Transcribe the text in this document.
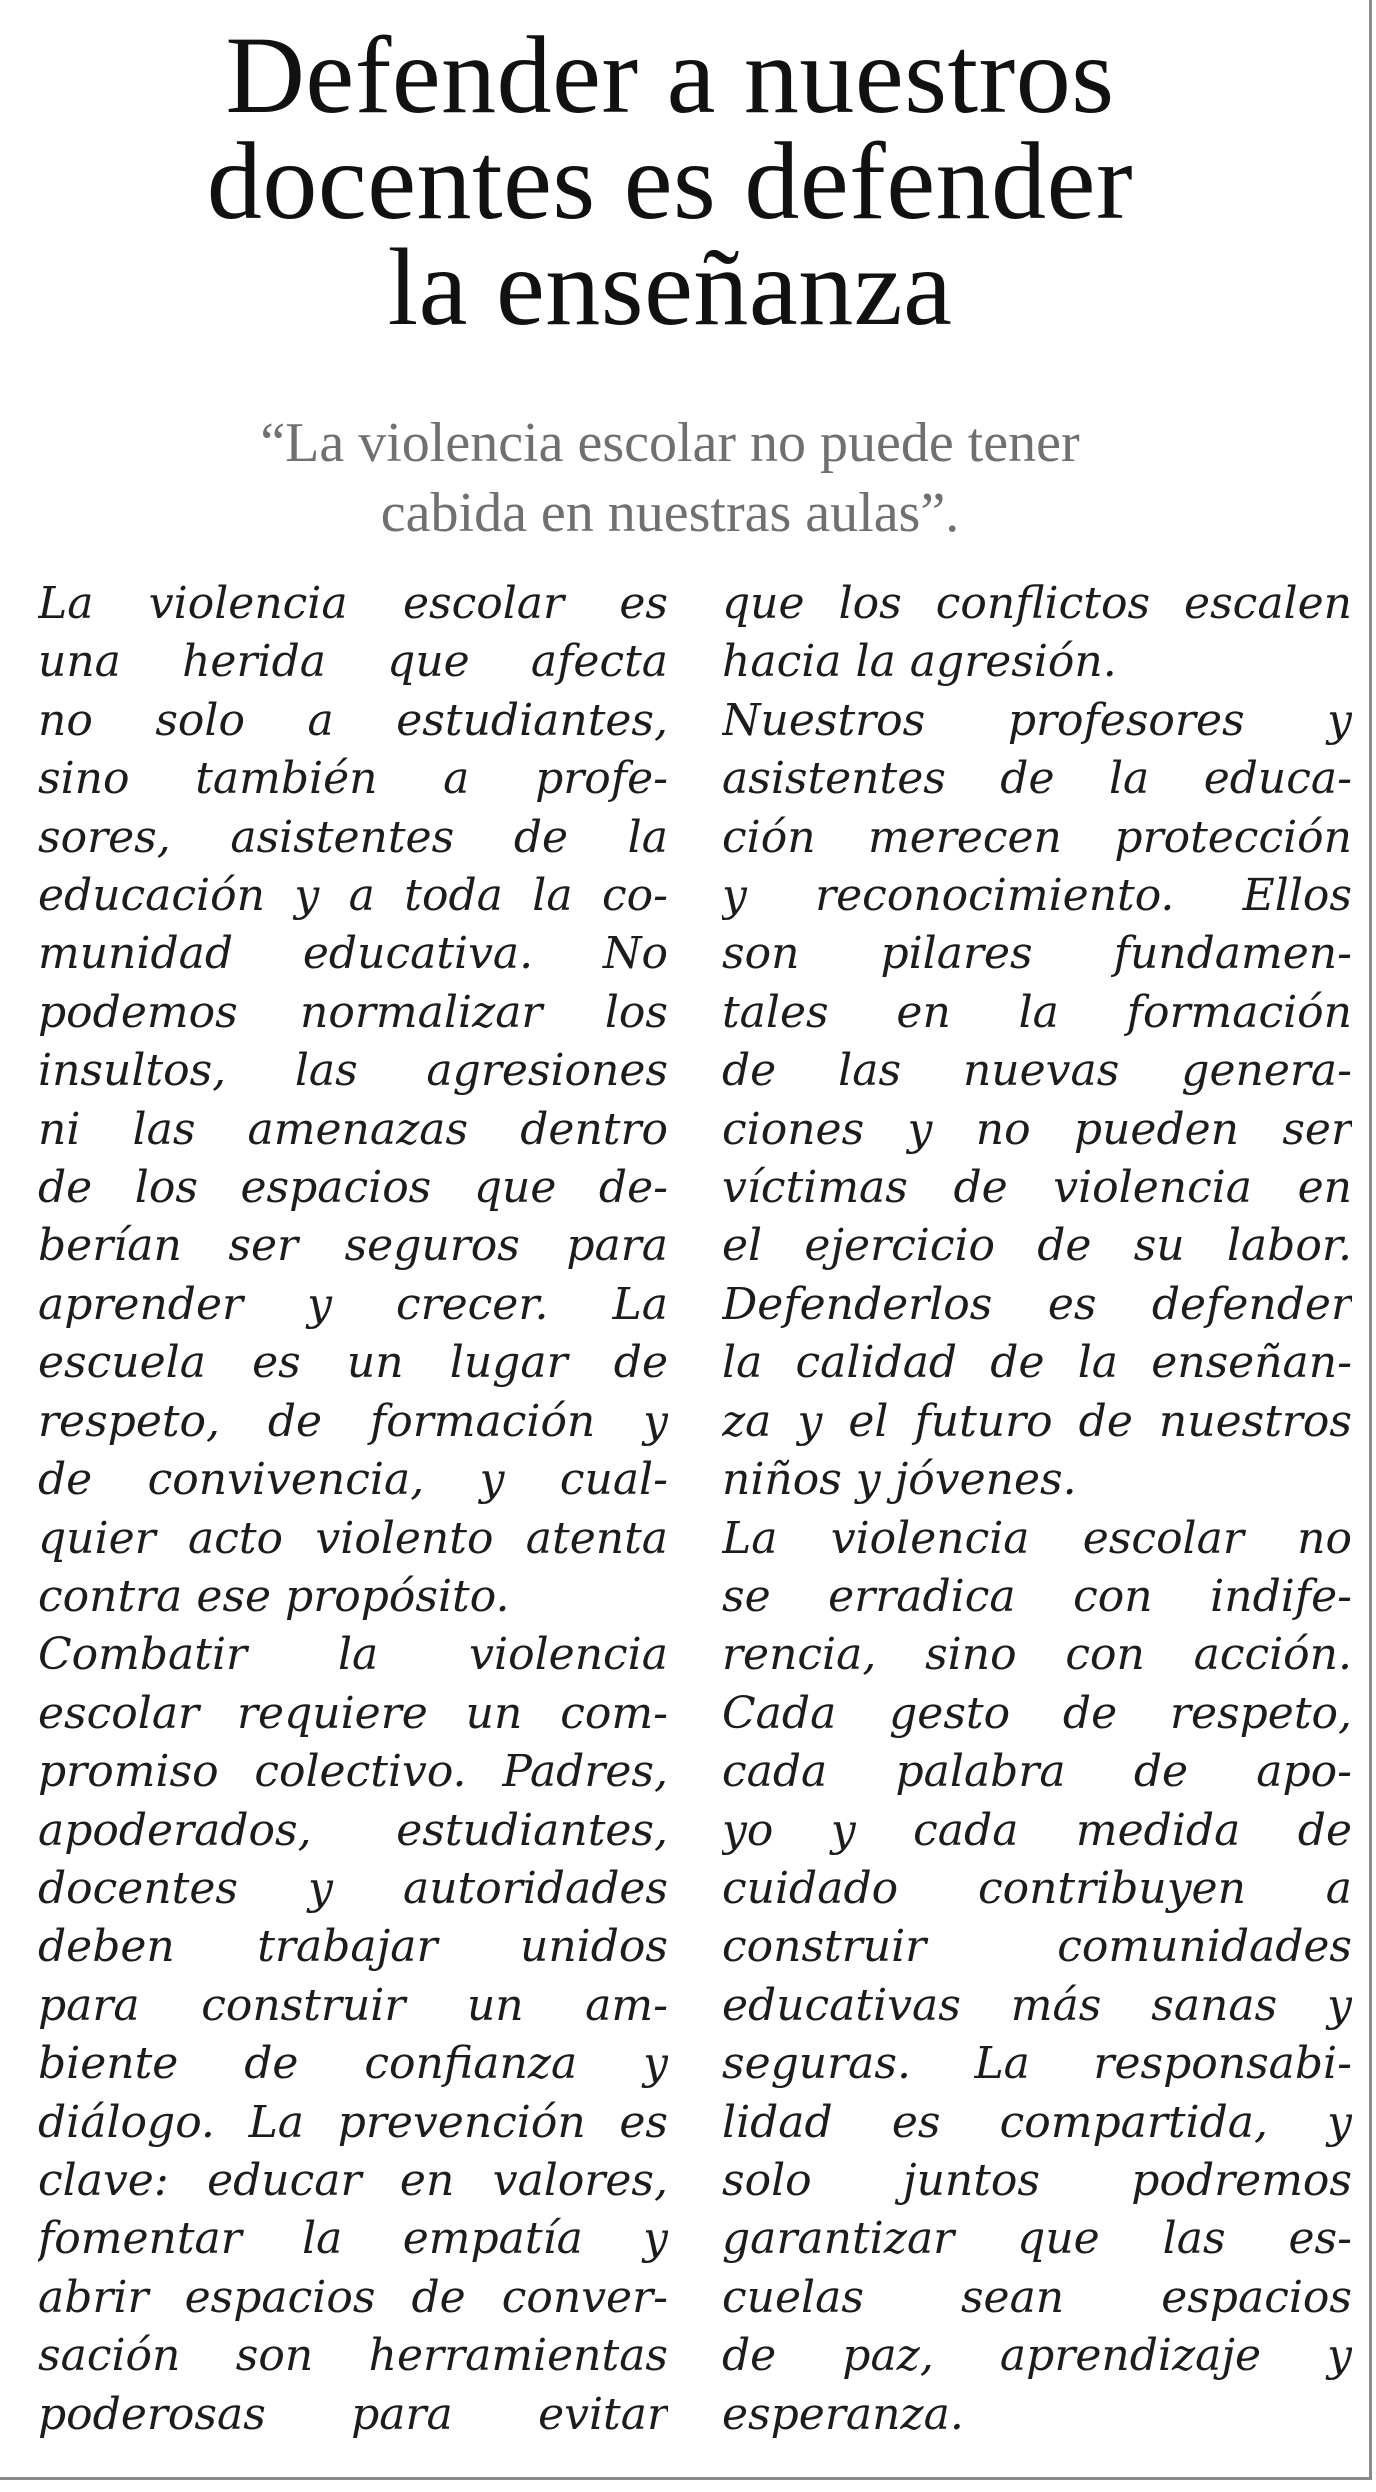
Defender a nuestros
docentes es defender
la enseñanza
“La violencia escolar no puede tener
cabida en nuestras aulas”.
La violencia escolar es
una herida que afecta
no solo a estudiantes,
sino también a profe-
sores, asistentes de la
educación y a toda la co-
munidad educativa. No
podemos normalizar los
insultos, las agresiones
ni las amenazas dentro
de los espacios que de-
berían ser seguros para
aprender y crecer. La
escuela es un lugar de
respeto, de formación y
de convivencia, y cual-
quier acto violento atenta
contra ese propósito.
Combatir la violencia
escolar requiere un com-
promiso colectivo. Padres,
apoderados, estudiantes,
docentes y autoridades
deben trabajar unidos
para construir un am-
biente de confianza y
diálogo. La prevención es
clave: educar en valores,
fomentar la empatía y
abrir espacios de conver-
sación son herramientas
poderosas para evitar
que los conflictos escalen
hacia la agresión.
Nuestros profesores y
asistentes de la educa-
ción merecen protección
y reconocimiento. Ellos
son pilares fundamen-
tales en la formación
de las nuevas genera-
ciones y no pueden ser
víctimas de violencia en
el ejercicio de su labor.
Defenderlos es defender
la calidad de la enseñan-
za y el futuro de nuestros
niños y jóvenes.
La violencia escolar no
se erradica con indife-
rencia, sino con acción.
Cada gesto de respeto,
cada palabra de apo-
yo y cada medida de
cuidado contribuyen a
construir comunidades
educativas más sanas y
seguras. La responsabi-
lidad es compartida, y
solo juntos podremos
garantizar que las es-
cuelas sean espacios
de paz, aprendizaje y
esperanza.
